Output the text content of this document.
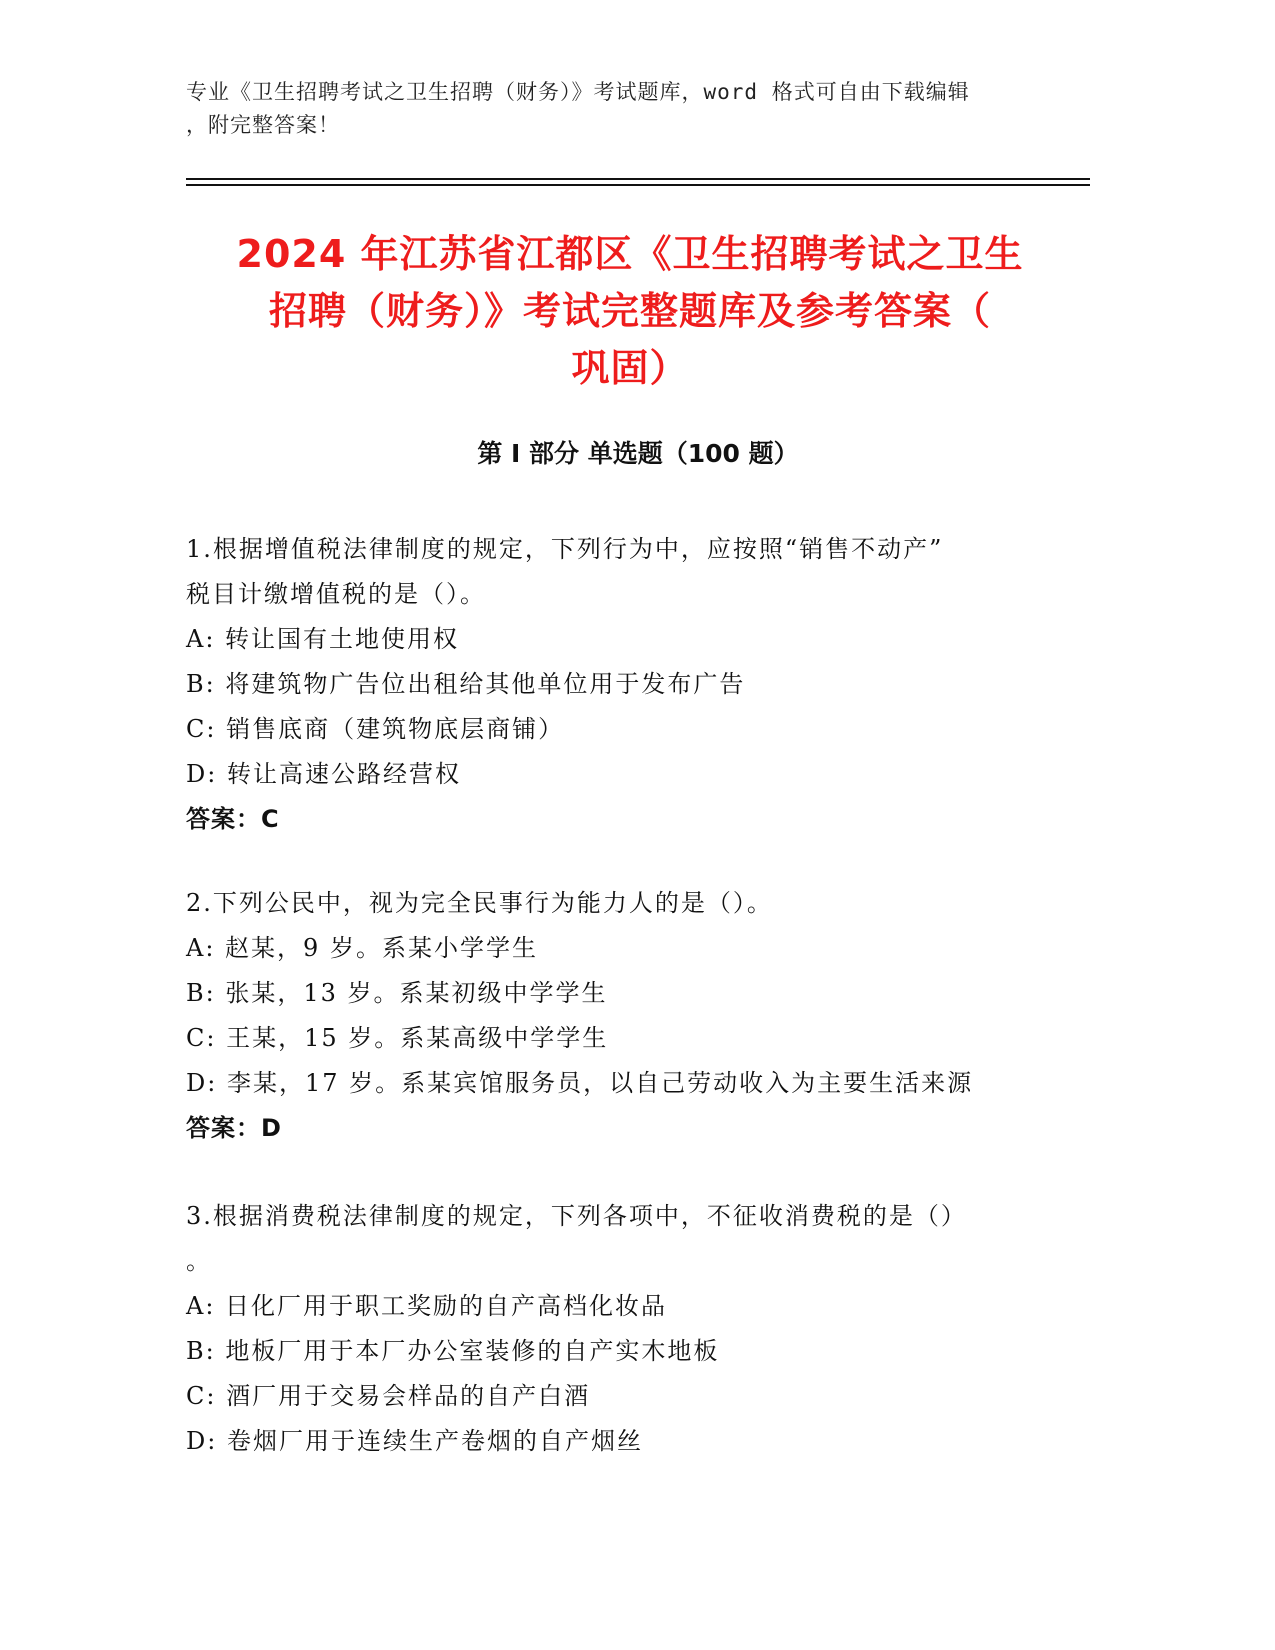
专业《卫生招聘考试之卫生招聘（财务）》考试题库，word 格式可自由下载编辑
，附完整答案！
2024 年江苏省江都区《卫生招聘考试之卫生
招聘（财务）》考试完整题库及参考答案（
巩固）
第 I 部分 单选题（100 题）
1.根据增值税法律制度的规定，下列行为中，应按照“销售不动产”
税目计缴增值税的是（）。
A: 转让国有土地使用权
B: 将建筑物广告位出租给其他单位用于发布广告
C: 销售底商（建筑物底层商铺）
D: 转让高速公路经营权
答案：C
2.下列公民中，视为完全民事行为能力人的是（）。
A: 赵某，9 岁。系某小学学生
B: 张某，13 岁。系某初级中学学生
C: 王某，15 岁。系某高级中学学生
D: 李某，17 岁。系某宾馆服务员，以自己劳动收入为主要生活来源
答案：D
3.根据消费税法律制度的规定，下列各项中，不征收消费税的是（）
。
A: 日化厂用于职工奖励的自产高档化妆品
B: 地板厂用于本厂办公室装修的自产实木地板
C: 酒厂用于交易会样品的自产白酒
D: 卷烟厂用于连续生产卷烟的自产烟丝
